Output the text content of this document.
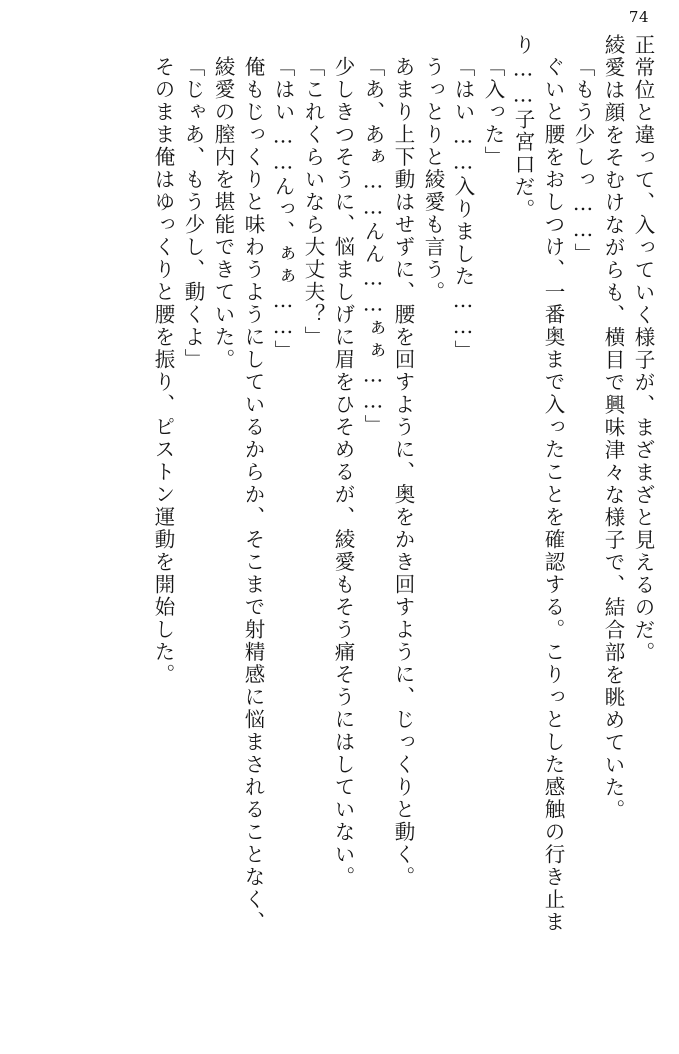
74
正常位と違って、入っていく様子が、まざまざと見えるのだ。
綾愛は顔をそむけながらも、横目で興味津々な様子で、結合部を眺めていた。
「もう少しっ……」
ぐいと腰をおしつけ、一番奥まで入ったことを確認する。こりっとした感触の行き止ま
り……子宮口だ。
「入った」
「はい……入りました……」
うっとりと綾愛も言う。
あまり上下動はせずに、腰を回すように、奥をかき回すように、じっくりと動く。
「あ、あぁ……んん……ぁぁ……」
少しきつそうに、悩ましげに眉をひそめるが、綾愛もそう痛そうにはしていない。
「これくらいなら大丈夫？」
「はい……んっ、ぁぁ……」
俺もじっくりと味わうようにしているからか、そこまで射精感に悩まされることなく、
綾愛の膣内を堪能できていた。
「じゃあ、もう少し、動くよ」
そのまま俺はゆっくりと腰を振り、ピストン運動を開始した。
